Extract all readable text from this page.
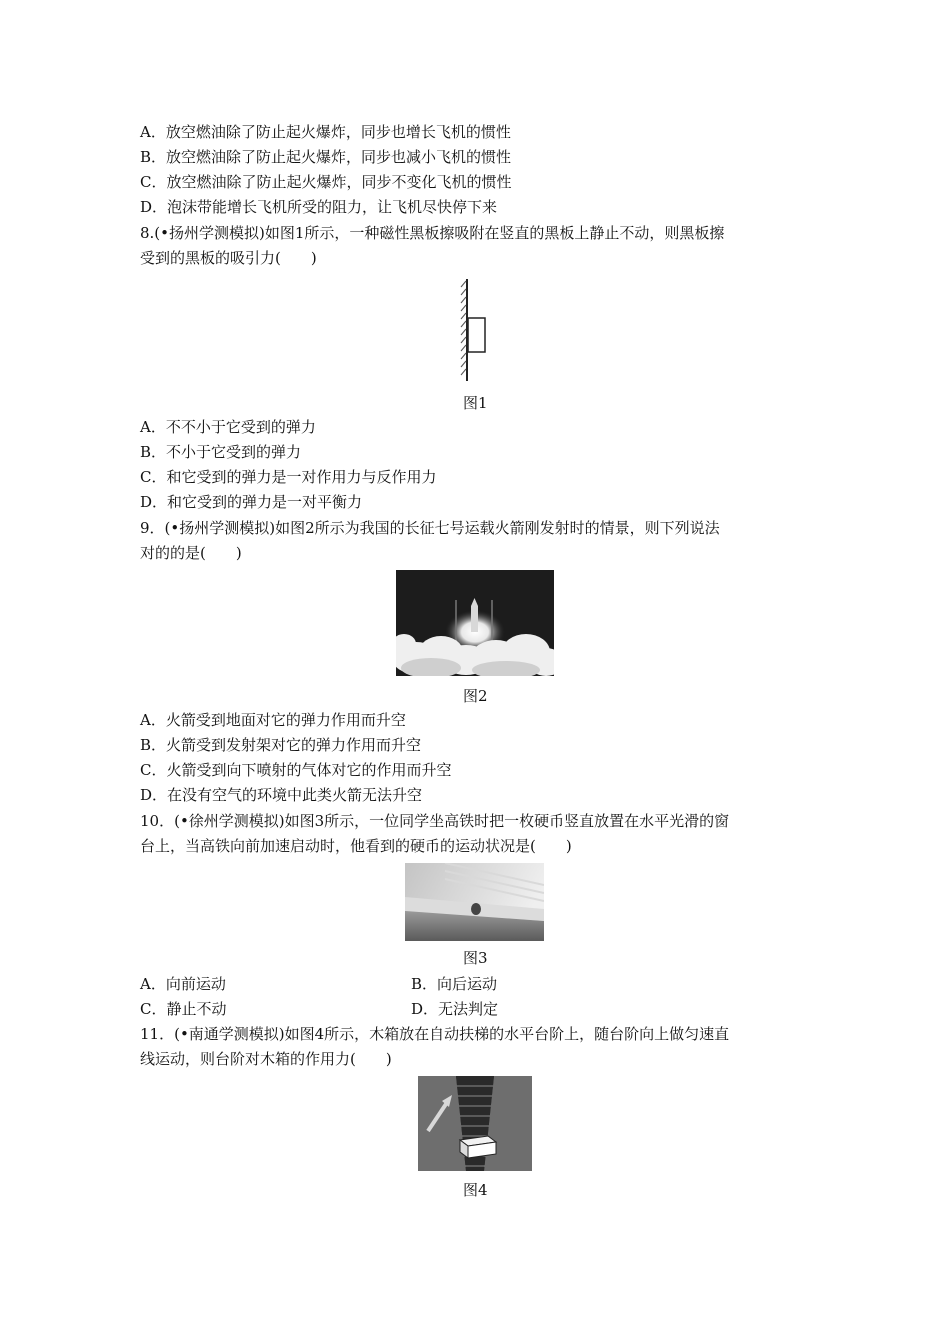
A．放空燃油除了防止起火爆炸，同步也增长飞机的惯性
B．放空燃油除了防止起火爆炸，同步也减小飞机的惯性
C．放空燃油除了防止起火爆炸，同步不变化飞机的惯性
D．泡沫带能增长飞机所受的阻力，让飞机尽快停下来
8.(•扬州学测模拟)如图1所示，一种磁性黑板擦吸附在竖直的黑板上静止不动，则黑板擦
受到的黑板的吸引力(　　)
图1
A．不不小于它受到的弹力
B．不小于它受到的弹力
C．和它受到的弹力是一对作用力与反作用力
D．和它受到的弹力是一对平衡力
9．(•扬州学测模拟)如图2所示为我国的长征七号运载火箭刚发射时的情景，则下列说法
对的的是(　　)
图2
A．火箭受到地面对它的弹力作用而升空
B．火箭受到发射架对它的弹力作用而升空
C．火箭受到向下喷射的气体对它的作用而升空
D．在没有空气的环境中此类火箭无法升空
10．(•徐州学测模拟)如图3所示，一位同学坐高铁时把一枚硬币竖直放置在水平光滑的窗
台上，当高铁向前加速启动时，他看到的硬币的运动状况是(　　)
图3
A．向前运动	B．向后运动
C．静止不动	D．无法判定
11．(•南通学测模拟)如图4所示，木箱放在自动扶梯的水平台阶上，随台阶向上做匀速直
线运动，则台阶对木箱的作用力(　　)
图4
